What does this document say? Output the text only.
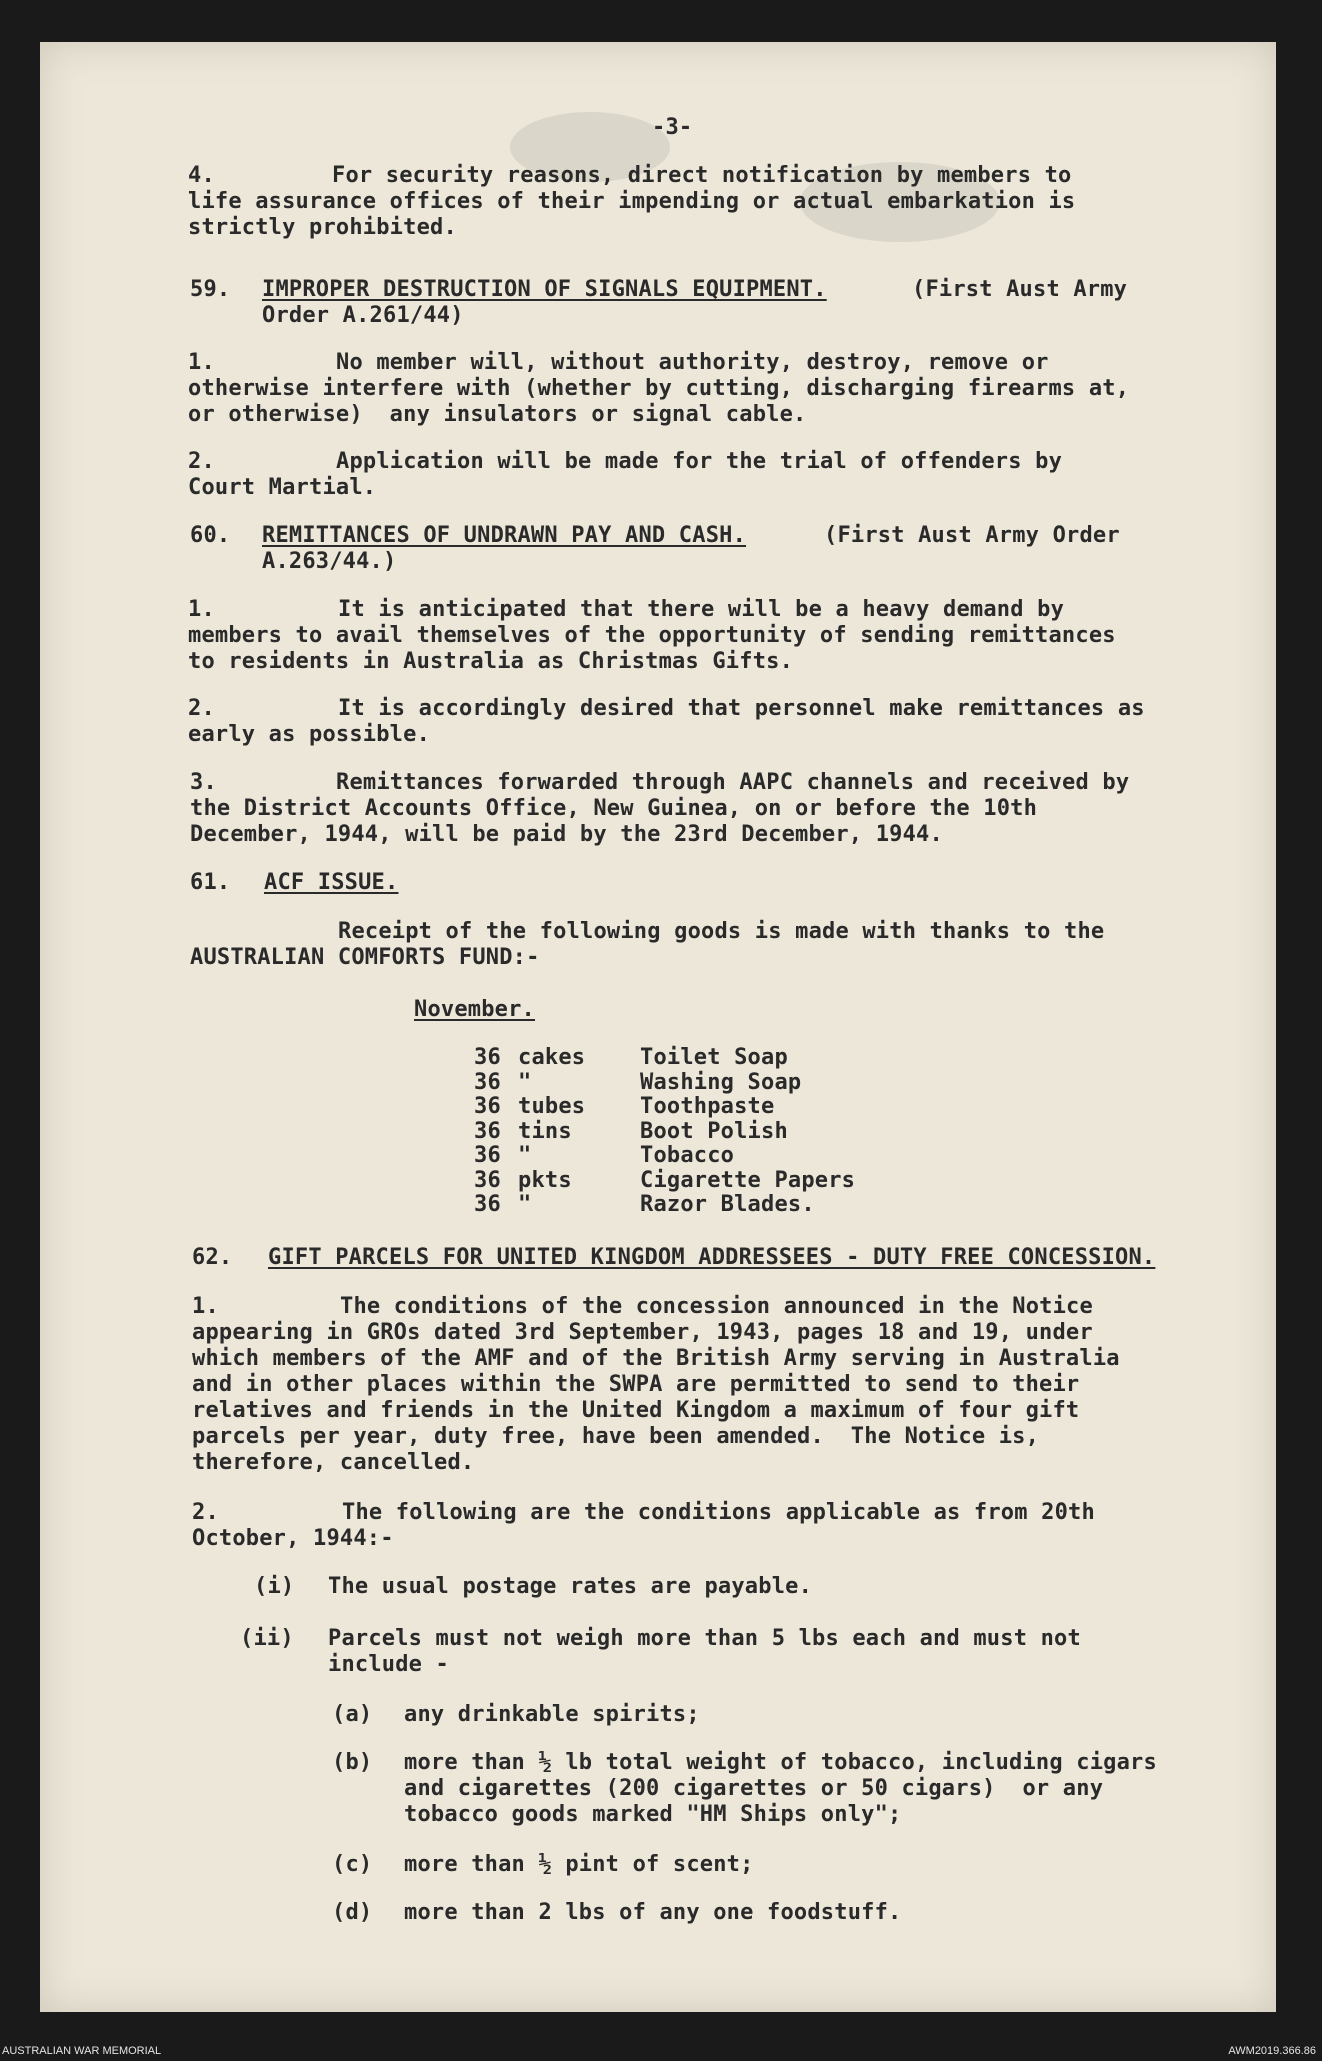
-3-
4.	For security reasons, direct notification by members to
life assurance offices of their impending or actual embarkation is
strictly prohibited.
59. IMPROPER DESTRUCTION OF SIGNALS EQUIPMENT.	(First Aust Army
Order A.261/44)
1.	No member will, without authority, destroy, remove or
otherwise interfere with (whether by cutting, discharging firearms at,
or otherwise)  any insulators or signal cable.
2.	Application will be made for the trial of offenders by
Court Martial.
60. REMITTANCES OF UNDRAWN PAY AND CASH.	(First Aust Army Order
A.263/44.)
1.	It is anticipated that there will be a heavy demand by
members to avail themselves of the opportunity of sending remittances
to residents in Australia as Christmas Gifts.
2.	It is accordingly desired that personnel make remittances as
early as possible.
3.	Remittances forwarded through AAPC channels and received by
the District Accounts Office, New Guinea, on or before the 10th
December, 1944, will be paid by the 23rd December, 1944.
61. ACF ISSUE.
Receipt of the following goods is made with thanks to the
AUSTRALIAN COMFORTS FUND:-
November.
36 cakes Toilet Soap
36 "	Washing Soap
36 tubes Toothpaste
36 tins	Boot Polish
36 "	Tobacco
36 pkts	Cigarette Papers
36 "	Razor Blades.
62. GIFT PARCELS FOR UNITED KINGDOM ADDRESSEES - DUTY FREE CONCESSION.
1.	The conditions of the concession announced in the Notice
appearing in GROs dated 3rd September, 1943, pages 18 and 19, under
which members of the AMF and of the British Army serving in Australia
and in other places within the SWPA are permitted to send to their
relatives and friends in the United Kingdom a maximum of four gift
parcels per year, duty free, have been amended.  The Notice is,
therefore, cancelled.
2.	The following are the conditions applicable as from 20th
October, 1944:-
(i) The usual postage rates are payable.
(ii) Parcels must not weigh more than 5 lbs each and must not
include -
(a) any drinkable spirits;
(b) more than ½ lb total weight of tobacco, including cigars
and cigarettes (200 cigarettes or 50 cigars)  or any
tobacco goods marked "HM Ships only";
(c) more than ½ pint of scent;
(d) more than 2 lbs of any one foodstuff.
AUSTRALIAN WAR MEMORIAL	AWM2019.366.86
